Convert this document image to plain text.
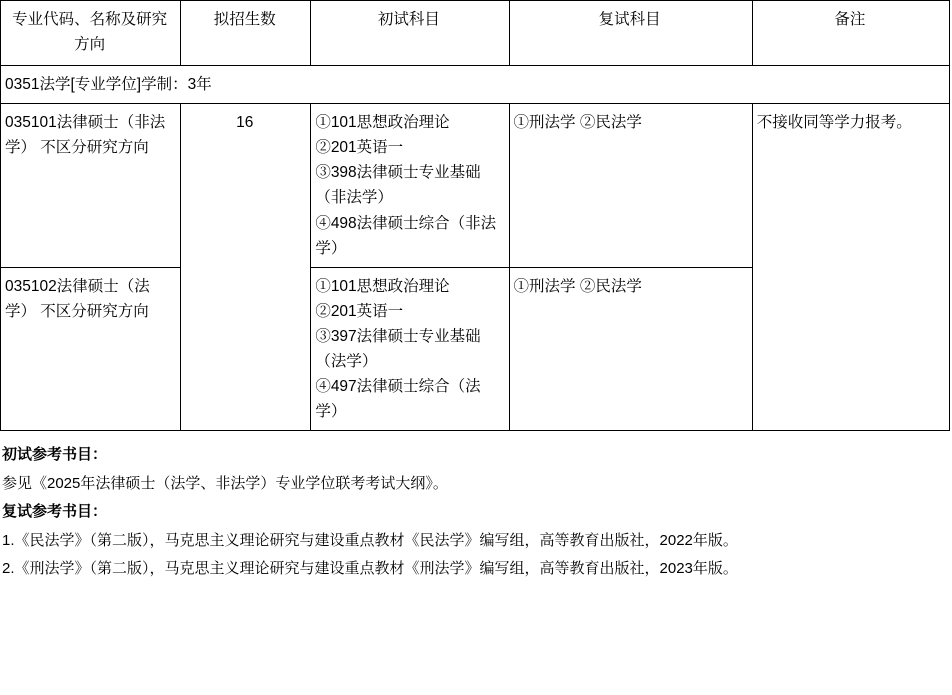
专业代码、名称及研究方向	拟招生数	初试科目	复试科目	备注
0351法学[专业学位]学制：3年				
035101法律硕士（非法学） 不区分研究方向	16	①101思想政治理论
②201英语一
③398法律硕士专业基础（非法学）
④498法律硕士综合（非法学）	①刑法学 ②民法学	不接收同等学力报考。
035102法律硕士（法学） 不区分研究方向		①101思想政治理论
②201英语一
③397法律硕士专业基础（法学）
④497法律硕士综合（法学）	①刑法学 ②民法学	
初试参考书目：
参见《2025年法律硕士（法学、非法学）专业学位联考考试大纲》。
复试参考书目：
1.《民法学》（第二版），马克思主义理论研究与建设重点教材《民法学》编写组，高等教育出版社，2022年版。
2.《刑法学》（第二版），马克思主义理论研究与建设重点教材《刑法学》编写组，高等教育出版社，2023年版。
